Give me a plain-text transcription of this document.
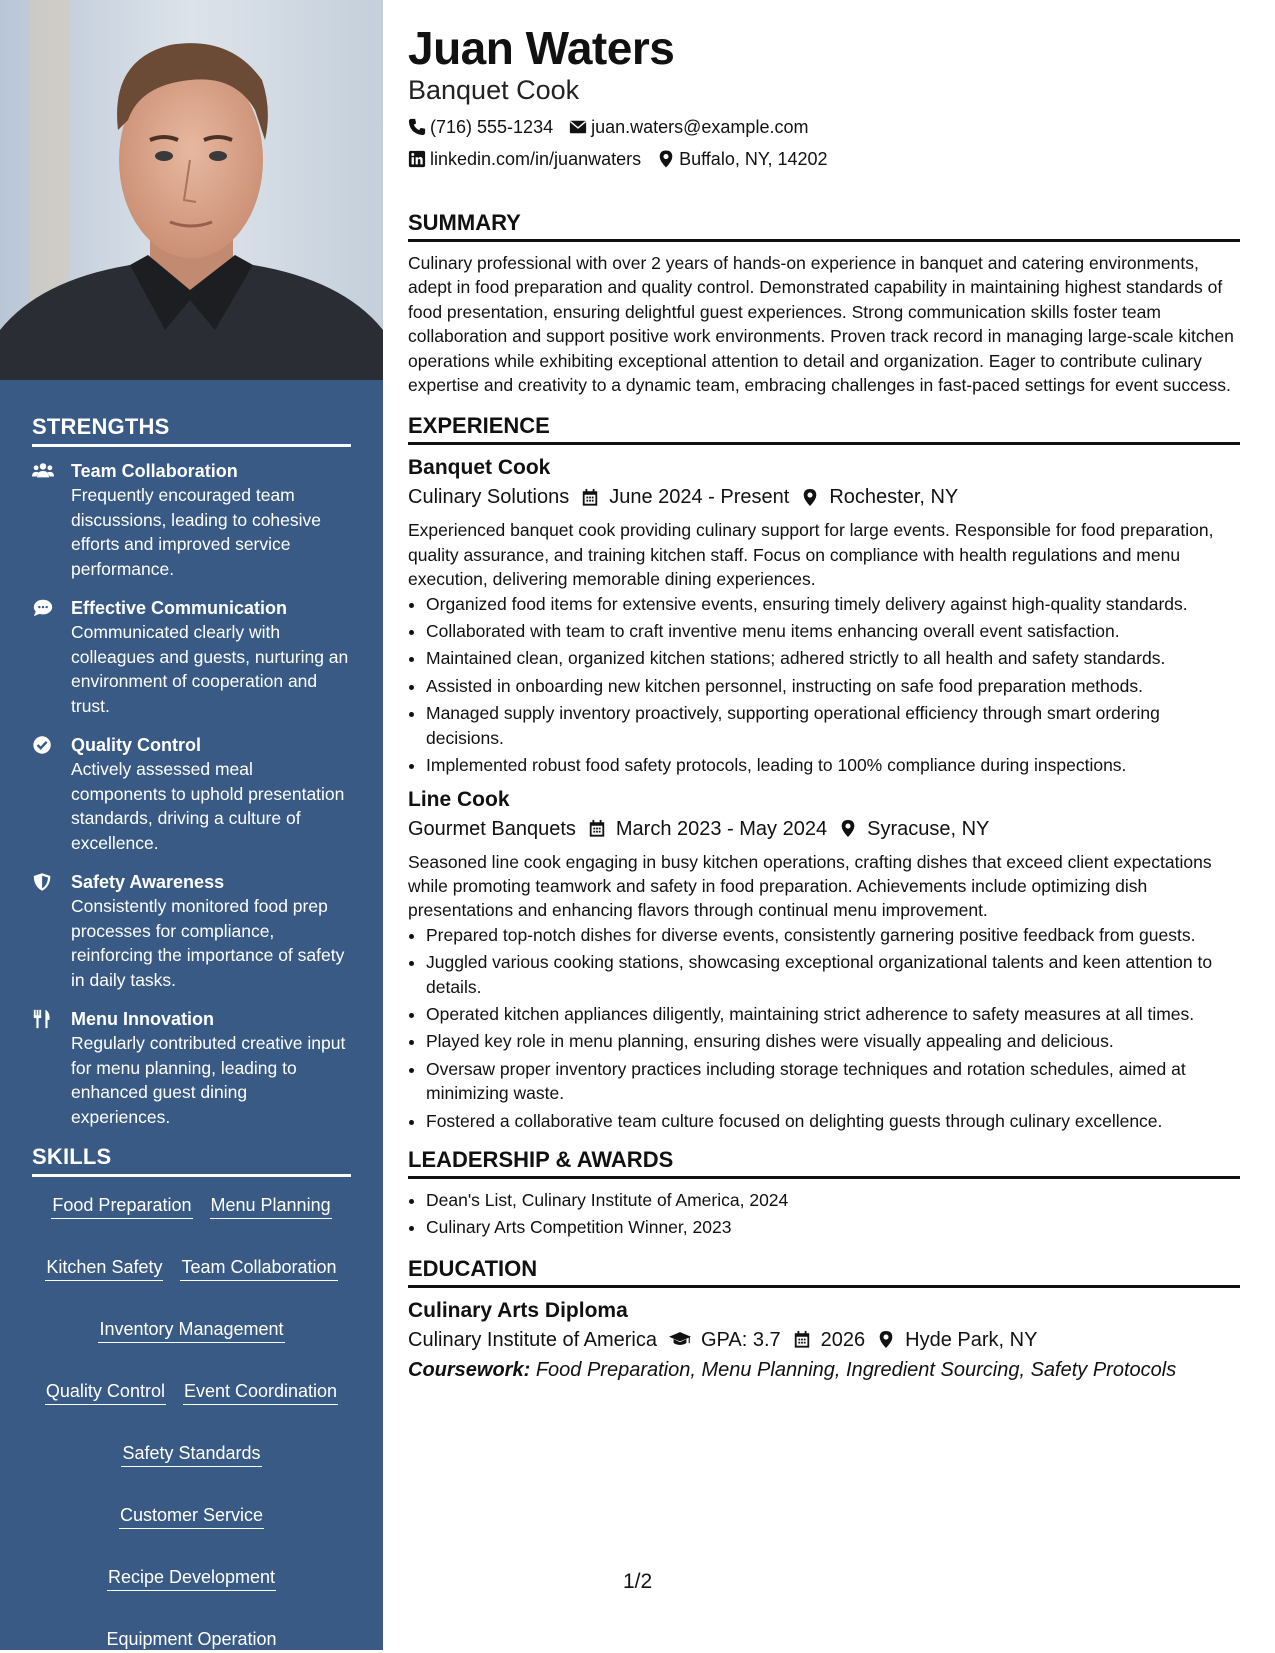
STRENGTHS
Team Collaboration
Frequently encouraged team discussions, leading to cohesive efforts and improved service performance.
Effective Communication
Communicated clearly with colleagues and guests, nurturing an environment of cooperation and trust.
Quality Control
Actively assessed meal components to uphold presentation standards, driving a culture of excellence.
Safety Awareness
Consistently monitored food prep processes for compliance, reinforcing the importance of safety in daily tasks.
Menu Innovation
Regularly contributed creative input for menu planning, leading to enhanced guest dining experiences.
SKILLS
Food Preparation Menu Planning
Kitchen Safety Team Collaboration
Inventory Management
Quality Control Event Coordination
Safety Standards
Customer Service
Recipe Development
Equipment Operation
Juan Waters
Banquet Cook
(716) 555-1234 juan.waters@example.com
linkedin.com/in/juanwaters Buffalo, NY, 14202
SUMMARY
Culinary professional with over 2 years of hands-on experience in banquet and catering environments, adept in food preparation and quality control. Demonstrated capability in maintaining highest standards of food presentation, ensuring delightful guest experiences. Strong communication skills foster team collaboration and support positive work environments. Proven track record in managing large-scale kitchen operations while exhibiting exceptional attention to detail and organization. Eager to contribute culinary expertise and creativity to a dynamic team, embracing challenges in fast-paced settings for event success.
EXPERIENCE
Banquet Cook
Culinary Solutions June 2024 - Present Rochester, NY
Experienced banquet cook providing culinary support for large events. Responsible for food preparation, quality assurance, and training kitchen staff. Focus on compliance with health regulations and menu execution, delivering memorable dining experiences.
• Organized food items for extensive events, ensuring timely delivery against high-quality standards.
• Collaborated with team to craft inventive menu items enhancing overall event satisfaction.
• Maintained clean, organized kitchen stations; adhered strictly to all health and safety standards.
• Assisted in onboarding new kitchen personnel, instructing on safe food preparation methods.
• Managed supply inventory proactively, supporting operational efficiency through smart ordering decisions.
• Implemented robust food safety protocols, leading to 100% compliance during inspections.
Line Cook
Gourmet Banquets March 2023 - May 2024 Syracuse, NY
Seasoned line cook engaging in busy kitchen operations, crafting dishes that exceed client expectations while promoting teamwork and safety in food preparation. Achievements include optimizing dish presentations and enhancing flavors through continual menu improvement.
• Prepared top-notch dishes for diverse events, consistently garnering positive feedback from guests.
• Juggled various cooking stations, showcasing exceptional organizational talents and keen attention to details.
• Operated kitchen appliances diligently, maintaining strict adherence to safety measures at all times.
• Played key role in menu planning, ensuring dishes were visually appealing and delicious.
• Oversaw proper inventory practices including storage techniques and rotation schedules, aimed at minimizing waste.
• Fostered a collaborative team culture focused on delighting guests through culinary excellence.
LEADERSHIP & AWARDS
• Dean's List, Culinary Institute of America, 2024
• Culinary Arts Competition Winner, 2023
EDUCATION
Culinary Arts Diploma
Culinary Institute of America GPA: 3.7 2026 Hyde Park, NY
Coursework: Food Preparation, Menu Planning, Ingredient Sourcing, Safety Protocols
1/2
